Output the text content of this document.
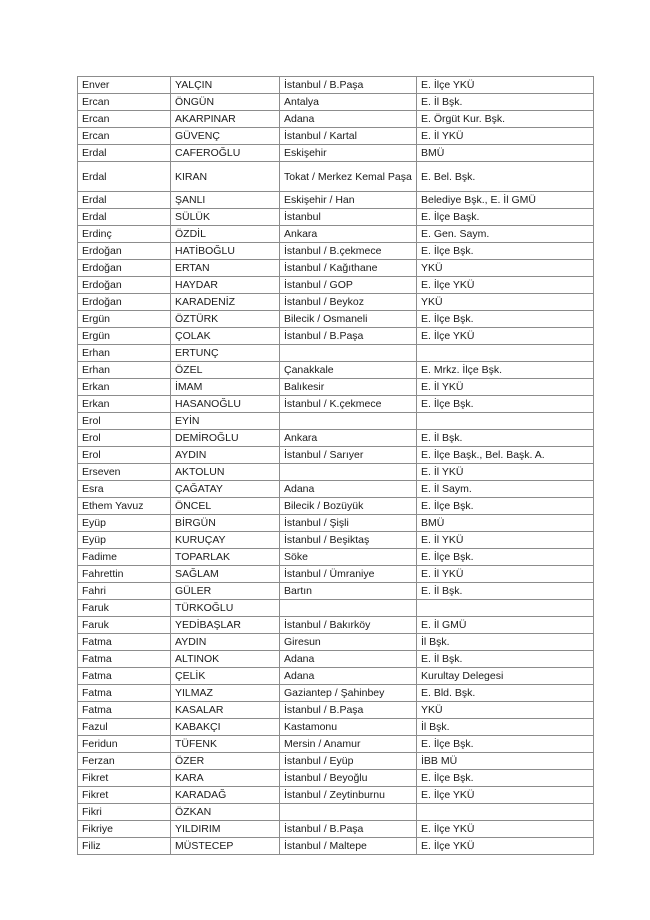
Enver	YALÇIN	İstanbul / B.Paşa	E. İlçe YKÜ
Ercan	ÖNGÜN	Antalya	E. İl Bşk.
Ercan	AKARPINAR	Adana	E. Örgüt Kur. Bşk.
Ercan	GÜVENÇ	İstanbul / Kartal	E. İl YKÜ
Erdal	CAFEROĞLU	Eskişehir	BMÜ
Erdal	KIRAN	Tokat / Merkez Kemal Paşa	E. Bel. Bşk.
Erdal	ŞANLI	Eskişehir / Han	Belediye Bşk., E. İl GMÜ
Erdal	SÜLÜK	İstanbul	E. İlçe Başk.
Erdinç	ÖZDİL	Ankara	E. Gen. Saym.
Erdoğan	HATİBOĞLU	İstanbul / B.çekmece	E. İlçe Bşk.
Erdoğan	ERTAN	İstanbul / Kağıthane	YKÜ
Erdoğan	HAYDAR	İstanbul / GOP	E. İlçe YKÜ
Erdoğan	KARADENİZ	İstanbul / Beykoz	YKÜ
Ergün	ÖZTÜRK	Bilecik / Osmaneli	E. İlçe Bşk.
Ergün	ÇOLAK	İstanbul / B.Paşa	E. İlçe YKÜ
Erhan	ERTUNÇ		
Erhan	ÖZEL	Çanakkale	E. Mrkz. İlçe Bşk.
Erkan	İMAM	Balıkesir	E. İl YKÜ
Erkan	HASANOĞLU	İstanbul / K.çekmece	E. İlçe Bşk.
Erol	EYİN		
Erol	DEMİROĞLU	Ankara	E. İl Bşk.
Erol	AYDIN	İstanbul / Sarıyer	E. İlçe Başk., Bel. Başk. A.
Erseven	AKTOLUN		E. İl YKÜ
Esra	ÇAĞATAY	Adana	E. İl Saym.
Ethem Yavuz	ÖNCEL	Bilecik / Bozüyük	E. İlçe Bşk.
Eyüp	BİRGÜN	İstanbul / Şişli	BMÜ
Eyüp	KURUÇAY	İstanbul / Beşiktaş	E. İl YKÜ
Fadime	TOPARLAK	Söke	E. İlçe Bşk.
Fahrettin	SAĞLAM	İstanbul / Ümraniye	E. İl YKÜ
Fahri	GÜLER	Bartın	E. İl Bşk.
Faruk	TÜRKOĞLU		
Faruk	YEDİBAŞLAR	İstanbul / Bakırköy	E. İl GMÜ
Fatma	AYDIN	Giresun	İl Bşk.
Fatma	ALTINOK	Adana	E. İl Bşk.
Fatma	ÇELİK	Adana	Kurultay Delegesi
Fatma	YILMAZ	Gaziantep / Şahinbey	E. Bld. Bşk.
Fatma	KASALAR	İstanbul / B.Paşa	YKÜ
Fazul	KABAKÇI	Kastamonu	İl Bşk.
Feridun	TÜFENK	Mersin / Anamur	E. İlçe Bşk.
Ferzan	ÖZER	İstanbul / Eyüp	İBB MÜ
Fikret	KARA	İstanbul / Beyoğlu	E. İlçe Bşk.
Fikret	KARADAĞ	İstanbul / Zeytinburnu	E. İlçe YKÜ
Fikri	ÖZKAN		
Fikriye	YILDIRIM	İstanbul / B.Paşa	E. İlçe YKÜ
Filiz	MÜSTECEP	İstanbul / Maltepe	E. İlçe YKÜ
